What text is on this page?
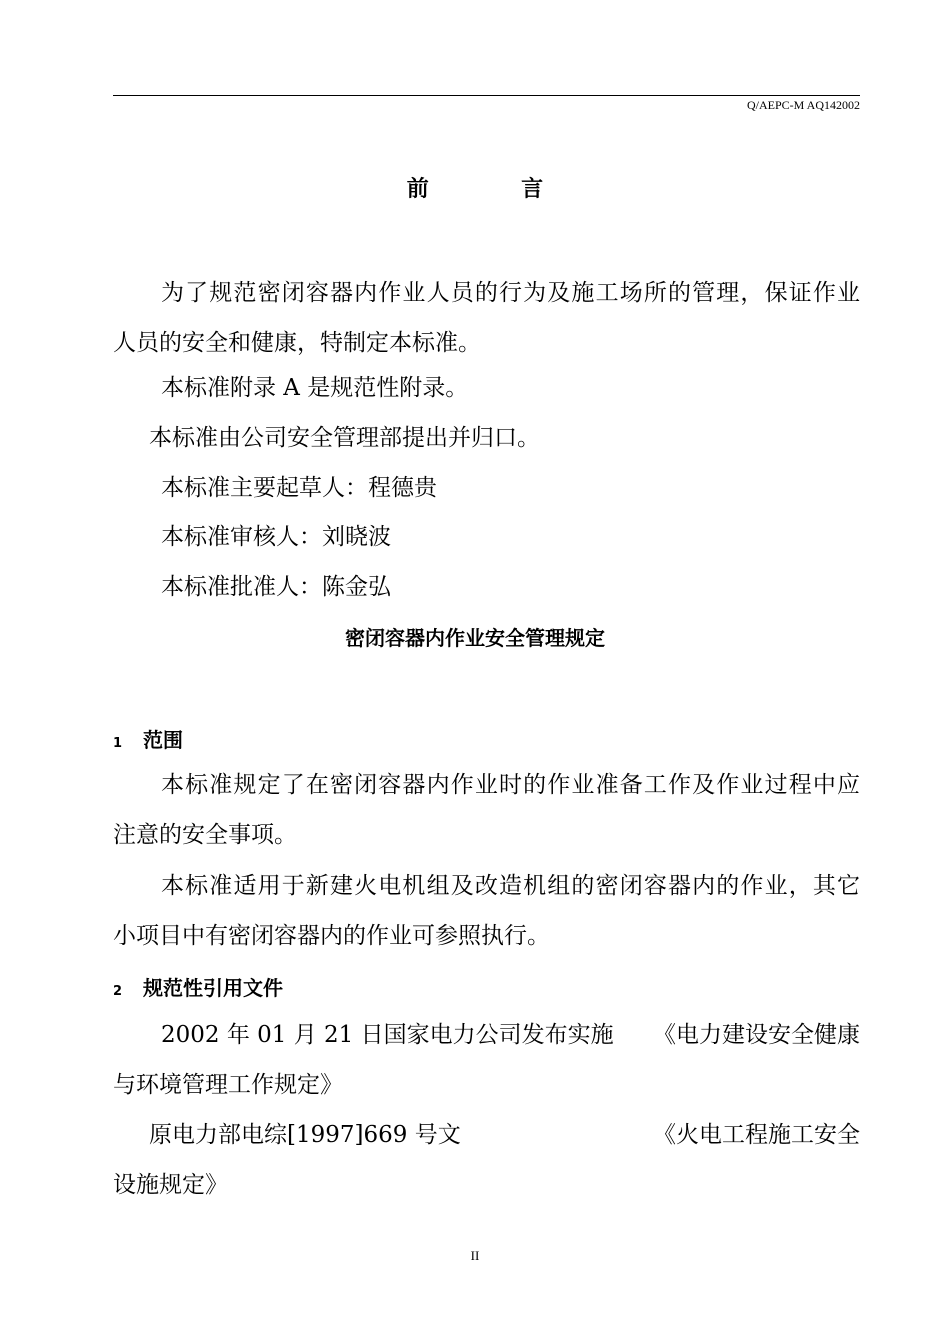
Q/AEPC-M AQ142002
前　言
为了规范密闭容器内作业人员的行为及施工场所的管理，保证作业
人员的安全和健康，特制定本标准。
本标准附录 A 是规范性附录。
本标准由公司安全管理部提出并归口。
本标准主要起草人：程德贵
本标准审核人：刘晓波
本标准批准人：陈金弘
密闭容器内作业安全管理规定
1 范围
本标准规定了在密闭容器内作业时的作业准备工作及作业过程中应
注意的安全事项。
本标准适用于新建火电机组及改造机组的密闭容器内的作业，其它
小项目中有密闭容器内的作业可参照执行。
2 规范性引用文件
2002 年 01 月 21 日国家电力公司发布实施 《电力建设安全健康
与环境管理工作规定》
原电力部电综[1997]669 号文	《火电工程施工安全
设施规定》
II
